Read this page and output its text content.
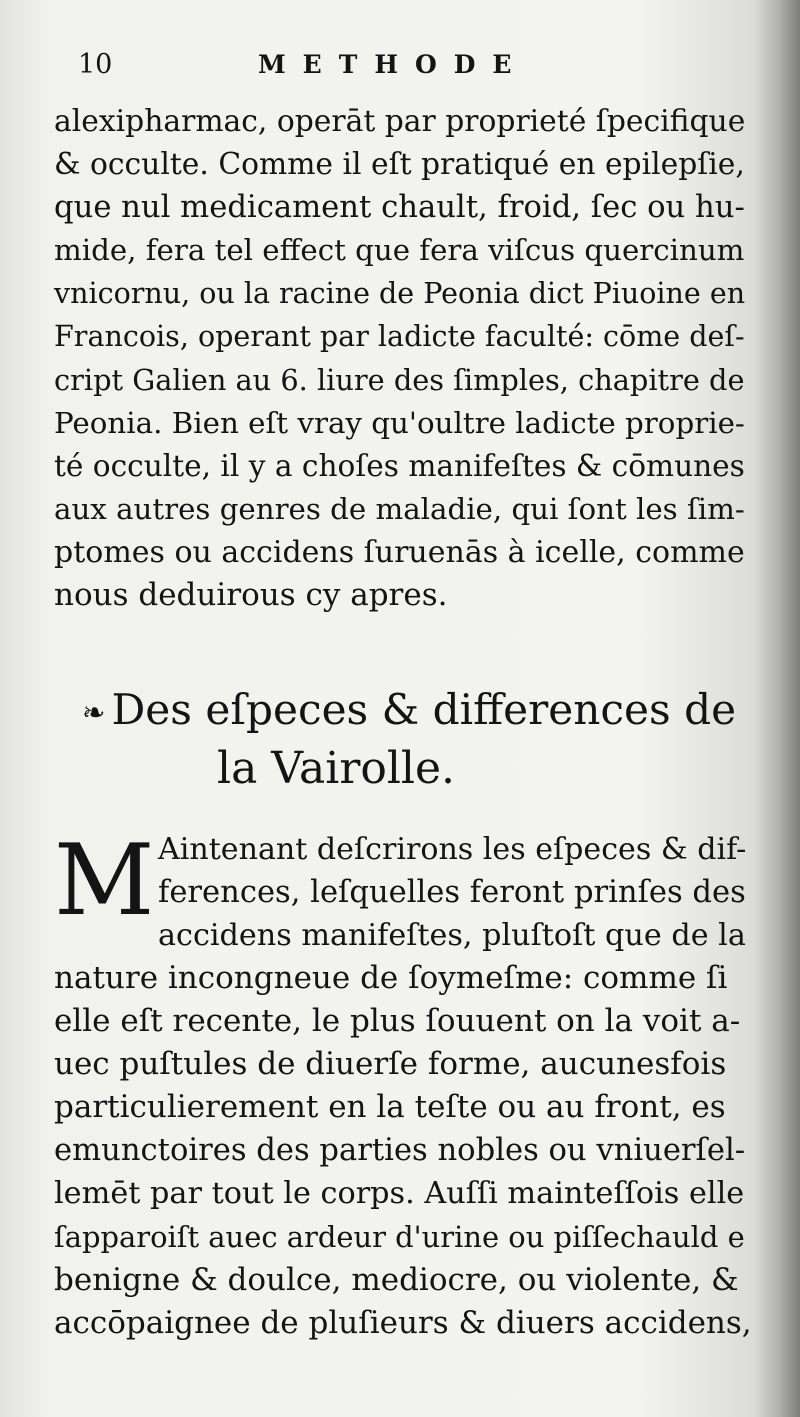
10	METHODE
alexipharmac, operāt par proprieté ſpecifique
& occulte. Comme il eſt pratiqué en epilepſie,
que nul medicament chault, froid, ſec ou hu-
mide, fera tel effect que fera viſcus quercinum
vnicornu, ou la racine de Peonia dict Piuoine en
Francois, operant par ladicte faculté: cōme deſ-
cript Galien au 6. liure des ſimples, chapitre de
Peonia. Bien eſt vray qu'oultre ladicte proprie-
té occulte, il y a choſes manifeſtes & cōmunes
aux autres genres de maladie, qui ſont les ſim-
ptomes ou accidens ſuruenās à icelle, comme
nous deduirous cy apres.
❧ Des eſpeces & differences de
la Vairolle.
M Aintenant deſcrirons les eſpeces & dif-
ferences, leſquelles feront prinſes des
accidens manifeſtes, pluſtoſt que de la
nature incongneue de ſoymeſme: comme ſi
elle eſt recente, le plus ſouuent on la voit a-
uec puſtules de diuerſe forme, aucunesfois
particulierement en la teſte ou au front, es
emunctoires des parties nobles ou vniuerſel-
lemēt par tout le corps. Auſſi mainteſſois elle
ſapparoiſt auec ardeur d'urine ou piſſechauld e
benigne & doulce, mediocre, ou violente, &
accōpaignee de pluſieurs & diuers accidens,
